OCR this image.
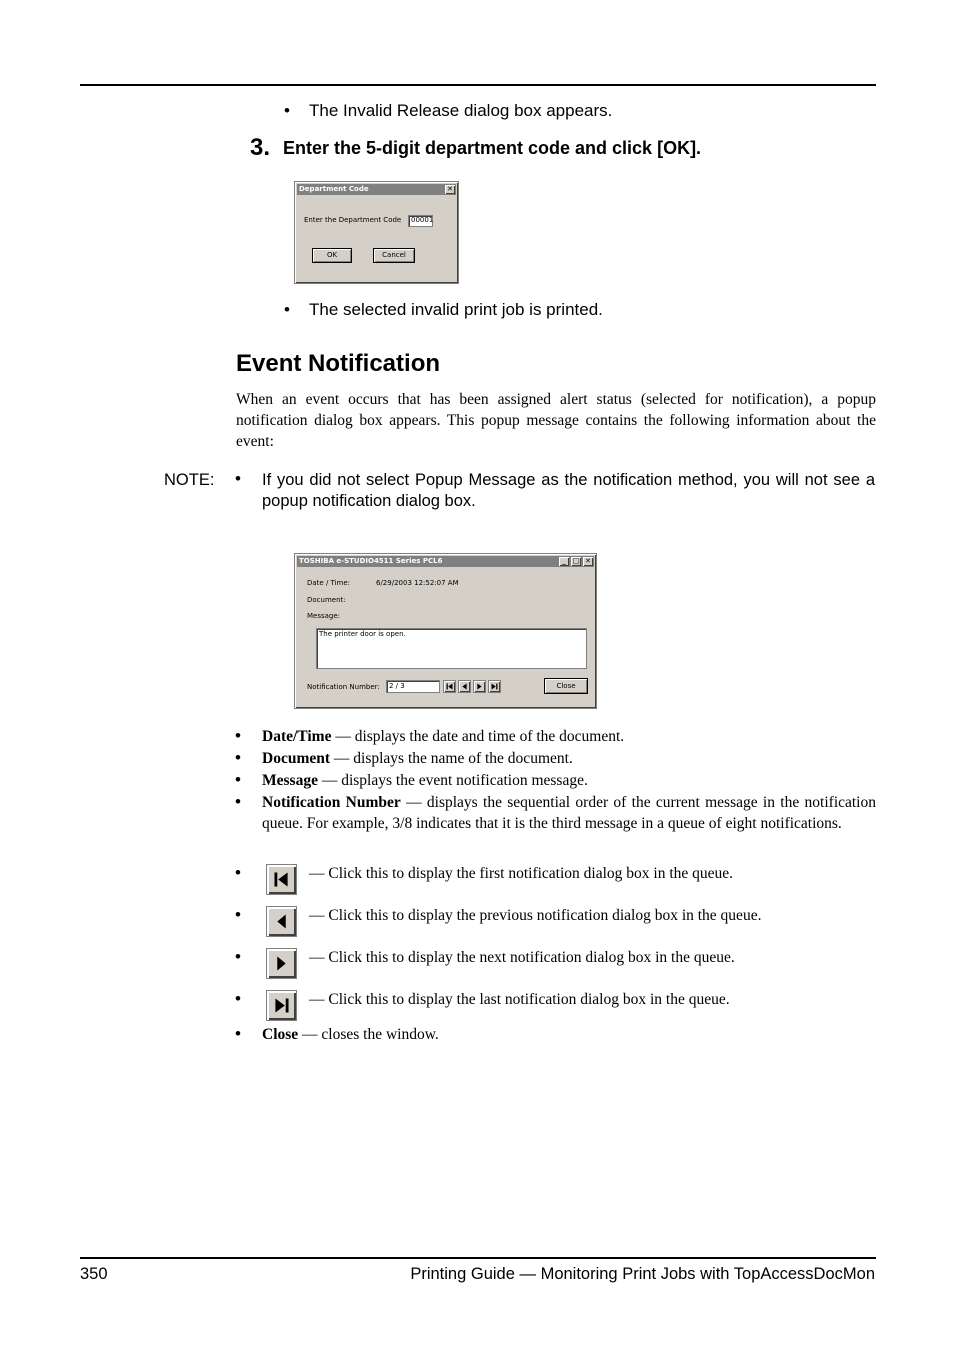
• The Invalid Release dialog box appears.
3. Enter the 5-digit department code and click [OK].
Department Code	✕
Enter the Department Code	00001
OK	Cancel
• The selected invalid print job is printed.
Event Notification
When an event occurs that has been assigned alert status (selected for notification), a popup notification dialog box appears. This popup message contains the following information about the event:
NOTE: • If you did not select Popup Message as the notification method, you will not see a popup notification dialog box.
TOSHIBA e-STUDIO4511 Series PCL6	_ □ ✕
Date / Time:	6/29/2003 12:52:07 AM
Document:
Message:
The printer door is open.
Notification Number:	2 / 3	Close
• Date/Time — displays the date and time of the document.
• Document — displays the name of the document.
• Message — displays the event notification message.
• Notification Number — displays the sequential order of the current message in the notification queue. For example, 3/8 indicates that it is the third message in a queue of eight notifications.
•	— Click this to display the first notification dialog box in the queue.
•	— Click this to display the previous notification dialog box in the queue.
•	— Click this to display the next notification dialog box in the queue.
•	— Click this to display the last notification dialog box in the queue.
• Close — closes the window.
350	Printing Guide — Monitoring Print Jobs with TopAccessDocMon
